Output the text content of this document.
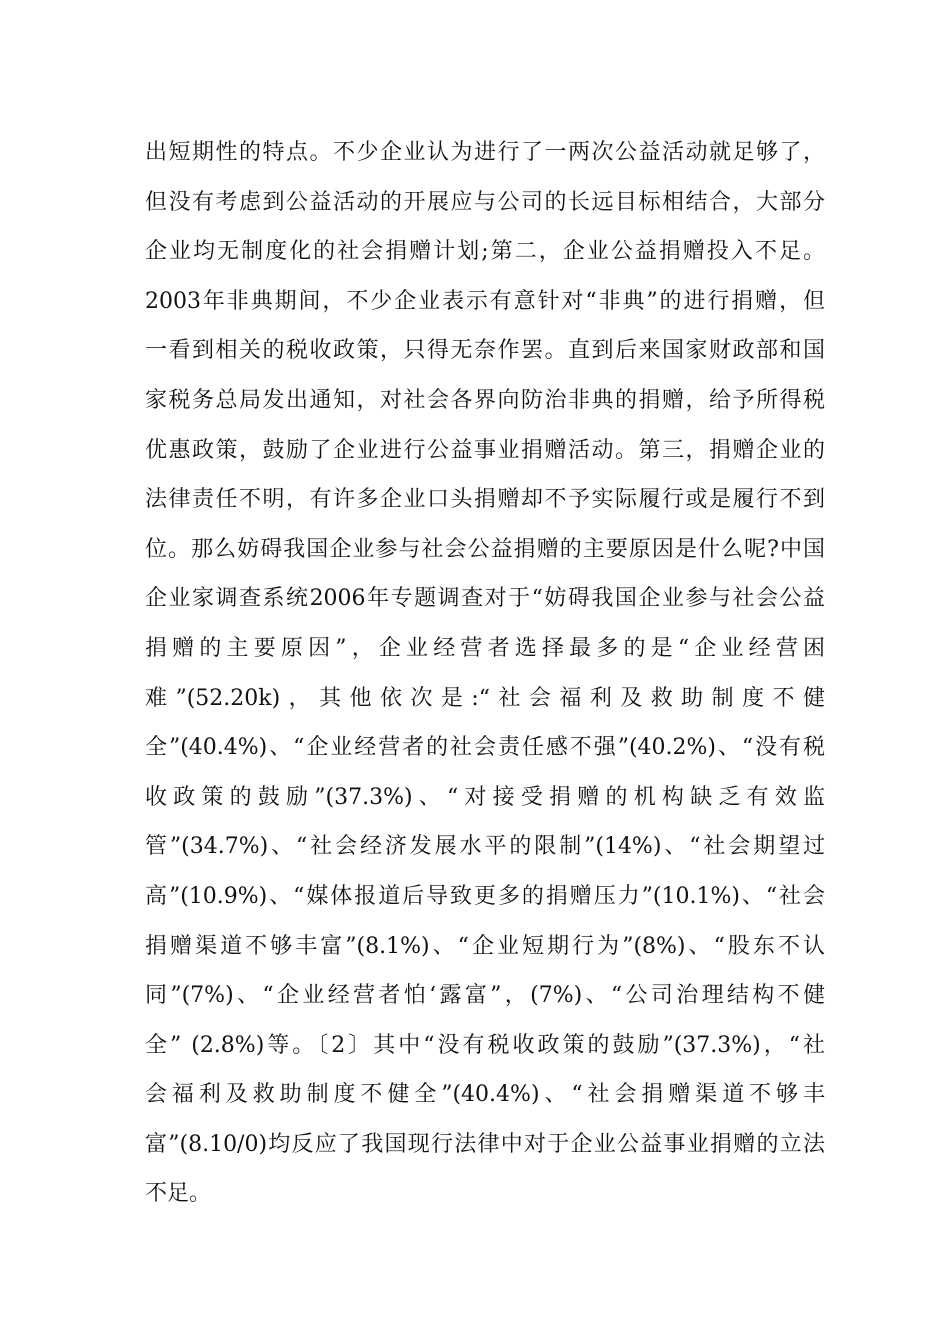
出短期性的特点。不少企业认为进行了一两次公益活动就足够了，
但没有考虑到公益活动的开展应与公司的长远目标相结合，大部分
企业均无制度化的社会捐赠计划;第二，企业公益捐赠投入不足。
2003年非典期间，不少企业表示有意针对“非典”的进行捐赠，但
一看到相关的税收政策，只得无奈作罢。直到后来国家财政部和国
家税务总局发出通知，对社会各界向防治非典的捐赠，给予所得税
优惠政策，鼓励了企业进行公益事业捐赠活动。第三，捐赠企业的
法律责任不明，有许多企业口头捐赠却不予实际履行或是履行不到
位。那么妨碍我国企业参与社会公益捐赠的主要原因是什么呢?中国
企业家调查系统2006年专题调查对于“妨碍我国企业参与社会公益
捐赠的主要原因”，企业经营者选择最多的是“企业经营困
难”(52.20k)，其他依次是:“社会福利及救助制度不健
全”(40.4%)、“企业经营者的社会责任感不强”(40.2%)、“没有税
收政策的鼓励”(37.3%)、“对接受捐赠的机构缺乏有效监
管”(34.7%)、“社会经济发展水平的限制”(14%)、“社会期望过
高”(10.9%)、“媒体报道后导致更多的捐赠压力”(10.1%)、“社会
捐赠渠道不够丰富”(8.1%)、“企业短期行为”(8%)、“股东不认
同”(7%)、“企业经营者怕‘露富”，(7%)、“公司治理结构不健
全” (2.8%)等。〔2〕其中“没有税收政策的鼓励”(37.3%)，“社
会福利及救助制度不健全”(40.4%)、“社会捐赠渠道不够丰
富”(8.10/0)均反应了我国现行法律中对于企业公益事业捐赠的立法
不足。
